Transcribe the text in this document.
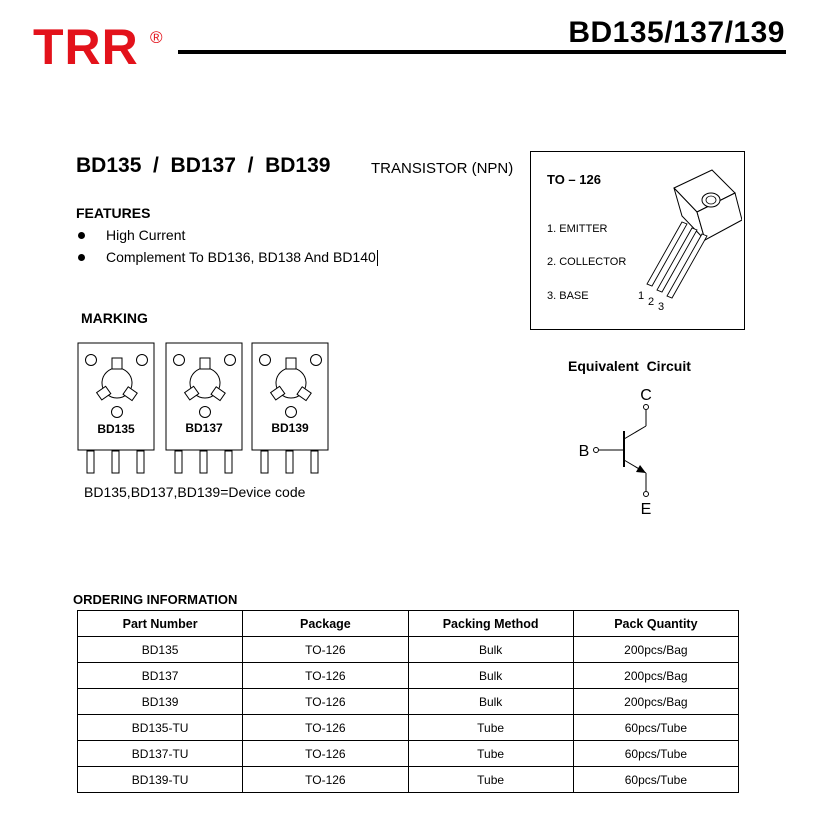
TRR ®	BD135/137/139
BD135  /  BD137  /  BD139	TRANSISTOR (NPN)
FEATURES
High Current
Complement To BD136, BD138 And BD140
TO – 126
1. EMITTER
2. COLLECTOR
3. BASE	1 2 3
MARKING
BD135	BD137	BD139
BD135,BD137,BD139=Device code
Equivalent  Circuit
C
B
E
ORDERING INFORMATION
Part Number	Package	Packing Method	Pack Quantity
BD135	TO-126	Bulk	200pcs/Bag
BD137	TO-126	Bulk	200pcs/Bag
BD139	TO-126	Bulk	200pcs/Bag
BD135-TU	TO-126	Tube	60pcs/Tube
BD137-TU	TO-126	Tube	60pcs/Tube
BD139-TU	TO-126	Tube	60pcs/Tube
